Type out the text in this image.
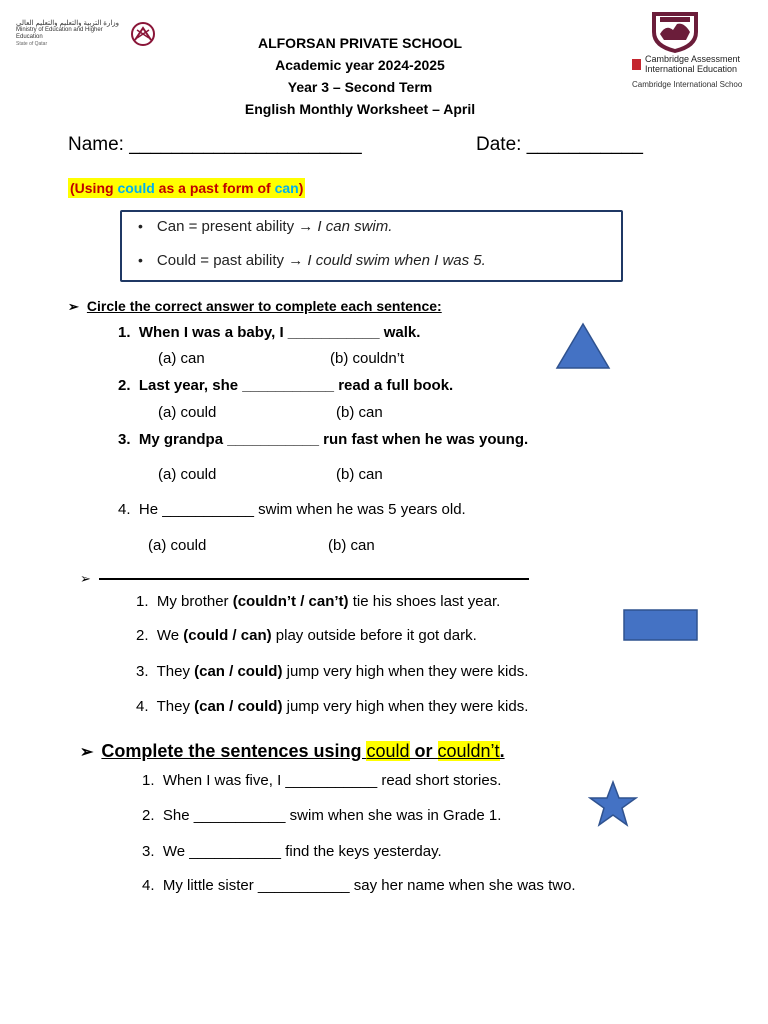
وزارة التربية والتعليم والتعليم العالي
Ministry of Education and Higher Education
State of Qatar
Cambridge Assessment
International Education
Cambridge International Schoo
ALFORSAN PRIVATE SCHOOL
Academic year 2024-2025
Year 3 – Second Term
English Monthly Worksheet – April
Name: ______________________	Date: ___________
(Using could as a past form of can)
• Can = present ability → I can swim.
• Could = past ability → I could swim when I was 5.
➢ Circle the correct answer to complete each sentence:
1. When I was a baby, I ___________ walk.
(a) can	(b) couldn’t
2. Last year, she ___________ read a full book.
(a) could	(b) can
3. My grandpa ___________ run fast when he was young.
(a) could	(b) can
4. He ___________ swim when he was 5 years old.
(a) could	(b) can
➢
1. My brother (couldn’t / can’t) tie his shoes last year.
2. We (could / can) play outside before it got dark.
3. They (can / could) jump very high when they were kids.
4. They (can / could) jump very high when they were kids.
➢ Complete the sentences using could or couldn’t.
1. When I was five, I ___________ read short stories.
2. She ___________ swim when she was in Grade 1.
3. We ___________ find the keys yesterday.
4. My little sister ___________ say her name when she was two.
